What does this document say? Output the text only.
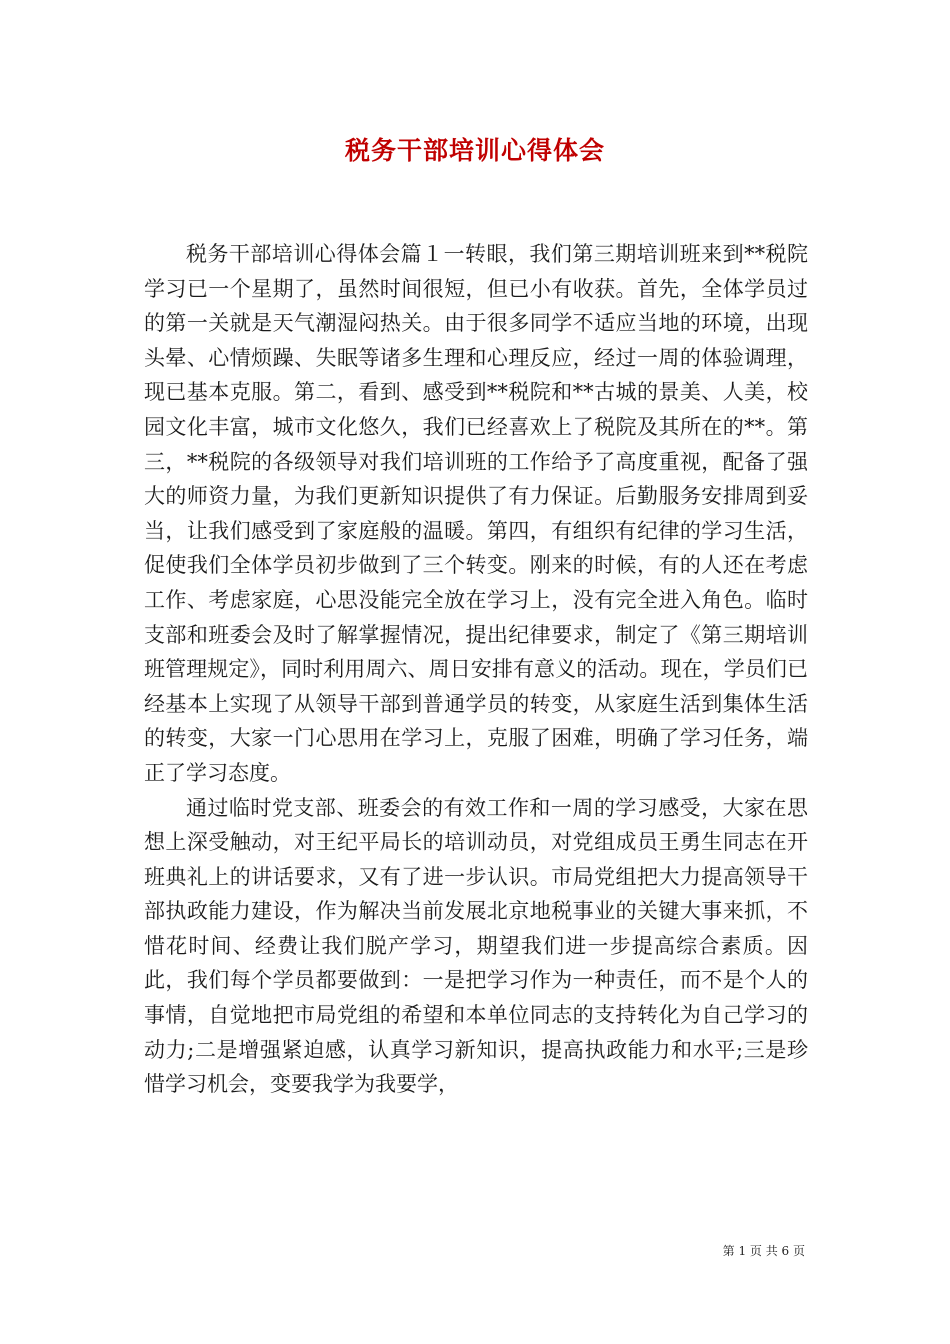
税务干部培训心得体会

税务干部培训心得体会篇１一转眼，我们第三期培训班来到**税院学习已一个星期了，虽然时间很短，但已小有收获。首先，全体学员过的第一关就是天气潮湿闷热关。由于很多同学不适应当地的环境，出现头晕、心情烦躁、失眠等诸多生理和心理反应，经过一周的体验调理，现已基本克服。第二，看到、感受到**税院和**古城的景美、人美，校园文化丰富，城市文化悠久，我们已经喜欢上了税院及其所在的**。第三，**税院的各级领导对我们培训班的工作给予了高度重视，配备了强大的师资力量，为我们更新知识提供了有力保证。后勤服务安排周到妥当，让我们感受到了家庭般的温暖。第四，有组织有纪律的学习生活，促使我们全体学员初步做到了三个转变。刚来的时候，有的人还在考虑工作、考虑家庭，心思没能完全放在学习上，没有完全进入角色。临时支部和班委会及时了解掌握情况，提出纪律要求，制定了《第三期培训班管理规定》，同时利用周六、周日安排有意义的活动。现在，学员们已经基本上实现了从领导干部到普通学员的转变，从家庭生活到集体生活的转变，大家一门心思用在学习上，克服了困难，明确了学习任务，端正了学习态度。

通过临时党支部、班委会的有效工作和一周的学习感受，大家在思想上深受触动，对王纪平局长的培训动员，对党组成员王勇生同志在开班典礼上的讲话要求，又有了进一步认识。市局党组把大力提高领导干部执政能力建设，作为解决当前发展北京地税事业的关键大事来抓，不惜花时间、经费让我们脱产学习，期望我们进一步提高综合素质。因此，我们每个学员都要做到：一是把学习作为一种责任，而不是个人的事情，自觉地把市局党组的希望和本单位同志的支持转化为自己学习的动力;二是增强紧迫感，认真学习新知识，提高执政能力和水平;三是珍惜学习机会，变要我学为我要学，

第 1 页 共 6 页
